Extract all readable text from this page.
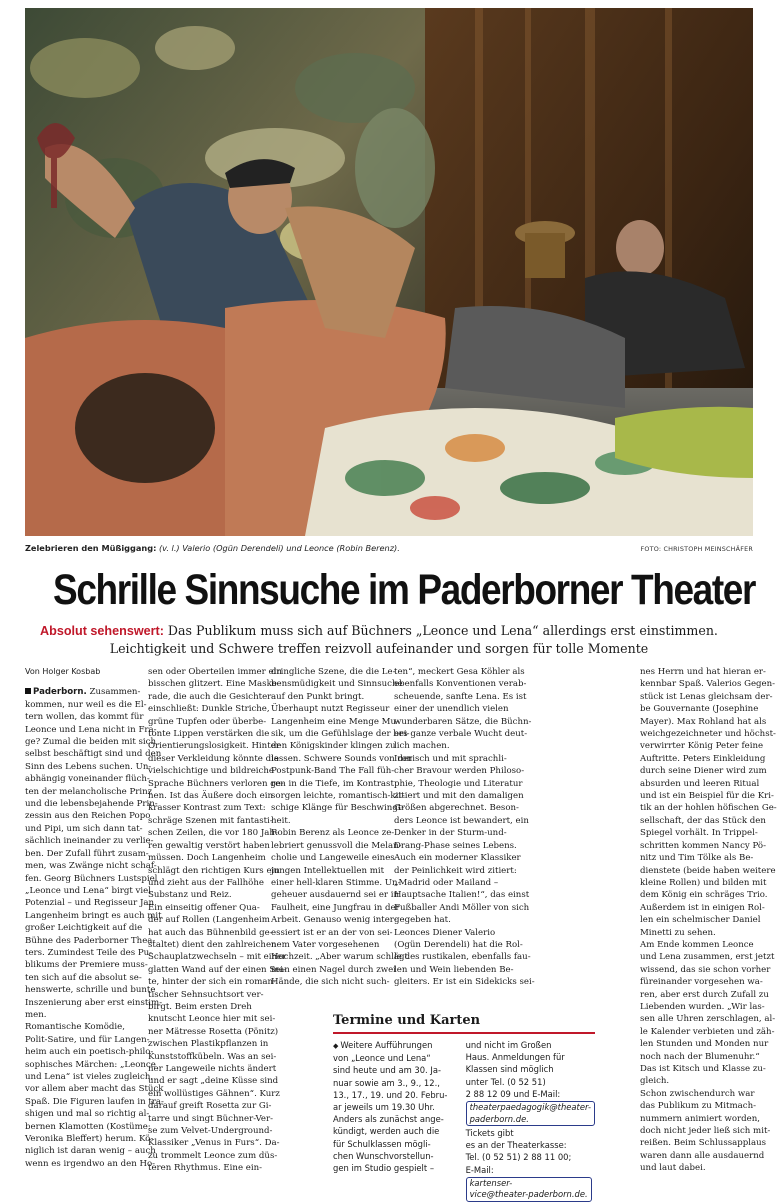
Zelebrieren den Müßiggang: (v. l.) Valerio (Ogün Derendeli) und Leonce (Robin Berenz).	FOTO: CHRISTOPH MEINSCHÄFER
Schrille Sinnsuche im Paderborner Theater
Absolut sehenswert: Das Publikum muss sich auf Büchners „Leonce und Lena“ allerdings erst einstimmen.
Leichtigkeit und Schwere treffen reizvoll aufeinander und sorgen für tolle Momente
Von Holger Kosbab
Paderborn. Zusammen-
kommen, nur weil es die El-
tern wollen, das kommt für
Leonce und Lena nicht in Fra-
ge? Zumal die beiden mit sich
selbst beschäftigt sind und den
Sinn des Lebens suchen. Un-
abhängig voneinander flüch-
ten der melancholische Prinz
und die lebensbejahende Prin-
zessin aus den Reichen Popo
und Pipi, um sich dann tat-
sächlich ineinander zu verlie-
ben. Der Zufall führt zusam-
men, was Zwänge nicht schaf-
fen. Georg Büchners Lustspiel
„Leonce und Lena“ birgt viel
Potenzial – und Regisseur Jan
Langenheim bringt es auch mit
großer Leichtigkeit auf die
Bühne des Paderborner Thea-
ters. Zumindest Teile des Pu-
blikums der Premiere muss-
ten sich auf die absolut se-
henswerte, schrille und bunte
Inszenierung aber erst einstim-
men.
Romantische Komödie,
Polit-Satire, und für Langen-
heim auch ein poetisch-philo-
sophisches Märchen: „Leonce
und Lena“ ist vieles zugleich,
vor allem aber macht das Stück
Spaß. Die Figuren laufen in tra-
shigen und mal so richtig al-
bernen Klamotten (Kostüme:
Veronika Bleffert) herum. Kö-
niglich ist daran wenig – auch
wenn es irgendwo an den Ho-
sen oder Oberteilen immer ein
bisschen glitzert. Eine Maske-
rade, die auch die Gesichter
einschließt: Dunkle Striche,
grüne Tupfen oder überbe-
tonte Lippen verstärken die
Orientierungslosigkeit. Hinter
dieser Verkleidung könnte die
vielschichtige und bildreiche
Sprache Büchners verloren ge-
hen. Ist das Äußere doch ein
krasser Kontrast zum Text:
schräge Szenen mit fantasti-
schen Zeilen, die vor 180 Jah-
ren gewaltig verstört haben
müssen. Doch Langenheim
schlägt den richtigen Kurs ein
und zieht aus der Fallhöhe
Substanz und Reiz.
Ein einseitig offener Qua-
der auf Rollen (Langenheim
hat auch das Bühnenbild ge-
staltet) dient den zahlreichen
Schauplatzwechseln – mit einer
glatten Wand auf der einen Sei-
te, hinter der sich ein roman-
tischer Sehnsuchtsort ver-
birgt. Beim ersten Dreh
knutscht Leonce hier mit sei-
ner Mätresse Rosetta (Pönitz)
zwischen Plastikpflanzen in
Kunststoffkübeln. Was an sei-
ner Langeweile nichts ändert
und er sagt „deine Küsse sind
ein wollüstiges Gähnen“. Kurz
darauf greift Rosetta zur Gi-
tarre und singt Büchner-Ver-
se zum Velvet-Underground-
Klassiker „Venus in Furs“. Da-
zu trommelt Leonce zum düs-
teren Rhythmus. Eine ein-
dringliche Szene, die die Le-
bensmüdigkeit und Sinnsuche
auf den Punkt bringt.
Überhaupt nutzt Regisseur
Langenheim eine Menge Mu-
sik, um die Gefühlslage der bei-
den Königskinder klingen zu
lassen. Schwere Sounds von der
Postpunk-Band The Fall füh-
ren in die Tiefe, im Kontrast
sorgen leichte, romantisch-kit-
schige Klänge für Beschwingt-
heit.
Robin Berenz als Leonce ze-
lebriert genussvoll die Melan-
cholie und Langeweile eines
jungen Intellektuellen mit
einer hell-klaren Stimme. Un-
geheuer ausdauernd sei er in
Faulheit, eine Jungfrau in der
Arbeit. Genauso wenig inter-
essiert ist er an der von sei-
nem Vater vorgesehenen
Hochzeit. „Aber warum schlägt
man einen Nagel durch zwei
Hände, die sich nicht such-
ten“, meckert Gesa Köhler als
ebenfalls Konventionen verab-
scheuende, sanfte Lena. Es ist
einer der unendlich vielen
wunderbaren Sätze, die Büchn-
ers ganze verbale Wucht deut-
lich machen.
Ironisch und mit sprachli-
cher Bravour werden Philoso-
phie, Theologie und Literatur
zitiert und mit den damaligen
Größen abgerechnet. Beson-
ders Leonce ist bewandert, ein
Denker in der Sturm-und-
Drang-Phase seines Lebens.
Auch ein moderner Klassiker
der Peinlichkeit wird zitiert:
„Madrid oder Mailand –
Hauptsache Italien!“, das einst
Fußballer Andi Möller von sich
gegeben hat.
Leonces Diener Valerio
(Ogün Derendeli) hat die Rol-
le des rustikalen, ebenfalls fau-
len und Wein liebenden Be-
gleiters. Er ist ein Sidekicks sei-
nes Herrn und hat hieran er-
kennbar Spaß. Valerios Gegen-
stück ist Lenas gleichsam der-
be Gouvernante (Josephine
Mayer). Max Rohland hat als
weichgezeichneter und höchst-
verwirrter König Peter feine
Auftritte. Peters Einkleidung
durch seine Diener wird zum
absurden und leeren Ritual
und ist ein Beispiel für die Kri-
tik an der hohlen höfischen Ge-
sellschaft, der das Stück den
Spiegel vorhält. In Trippel-
schritten kommen Nancy Pö-
nitz und Tim Tölke als Be-
dienstete (beide haben weitere
kleine Rollen) und bilden mit
dem König ein schräges Trio.
Außerdem ist in einigen Rol-
len ein schelmischer Daniel
Minetti zu sehen.
Am Ende kommen Leonce
und Lena zusammen, erst jetzt
wissend, das sie schon vorher
füreinander vorgesehen wa-
ren, aber erst durch Zufall zu
Liebenden wurden. „Wir las-
sen alle Uhren zerschlagen, al-
le Kalender verbieten und zäh-
len Stunden und Monden nur
noch nach der Blumenuhr.“
Das ist Kitsch und Klasse zu-
gleich.
Schon zwischendurch war
das Publikum zu Mitmach-
nummern animiert worden,
doch nicht jeder ließ sich mit-
reißen. Beim Schlussapplaus
waren dann alle ausdauernd
und laut dabei.
Termine und Karten
◆ Weitere Aufführungen
von „Leonce und Lena“
sind heute und am 30. Ja-
nuar sowie am 3., 9., 12.,
13., 17., 19. und 20. Febru-
ar jeweils um 19.30 Uhr.
Anders als zunächst ange-
kündigt, werden auch die
für Schulklassen mögli-
chen Wunschvorstellun-
gen im Studio gespielt –
und nicht im Großen
Haus. Anmeldungen für
Klassen sind möglich
unter Tel. (0 52 51)
2 88 12 09 und E-Mail:
theaterpaedagogik@theater-
paderborn.de. Tickets gibt
es an der Theaterkasse:
Tel. (0 52 51) 2 88 11 00;
E-Mail: kartenser-
vice@theater-paderborn.de.
